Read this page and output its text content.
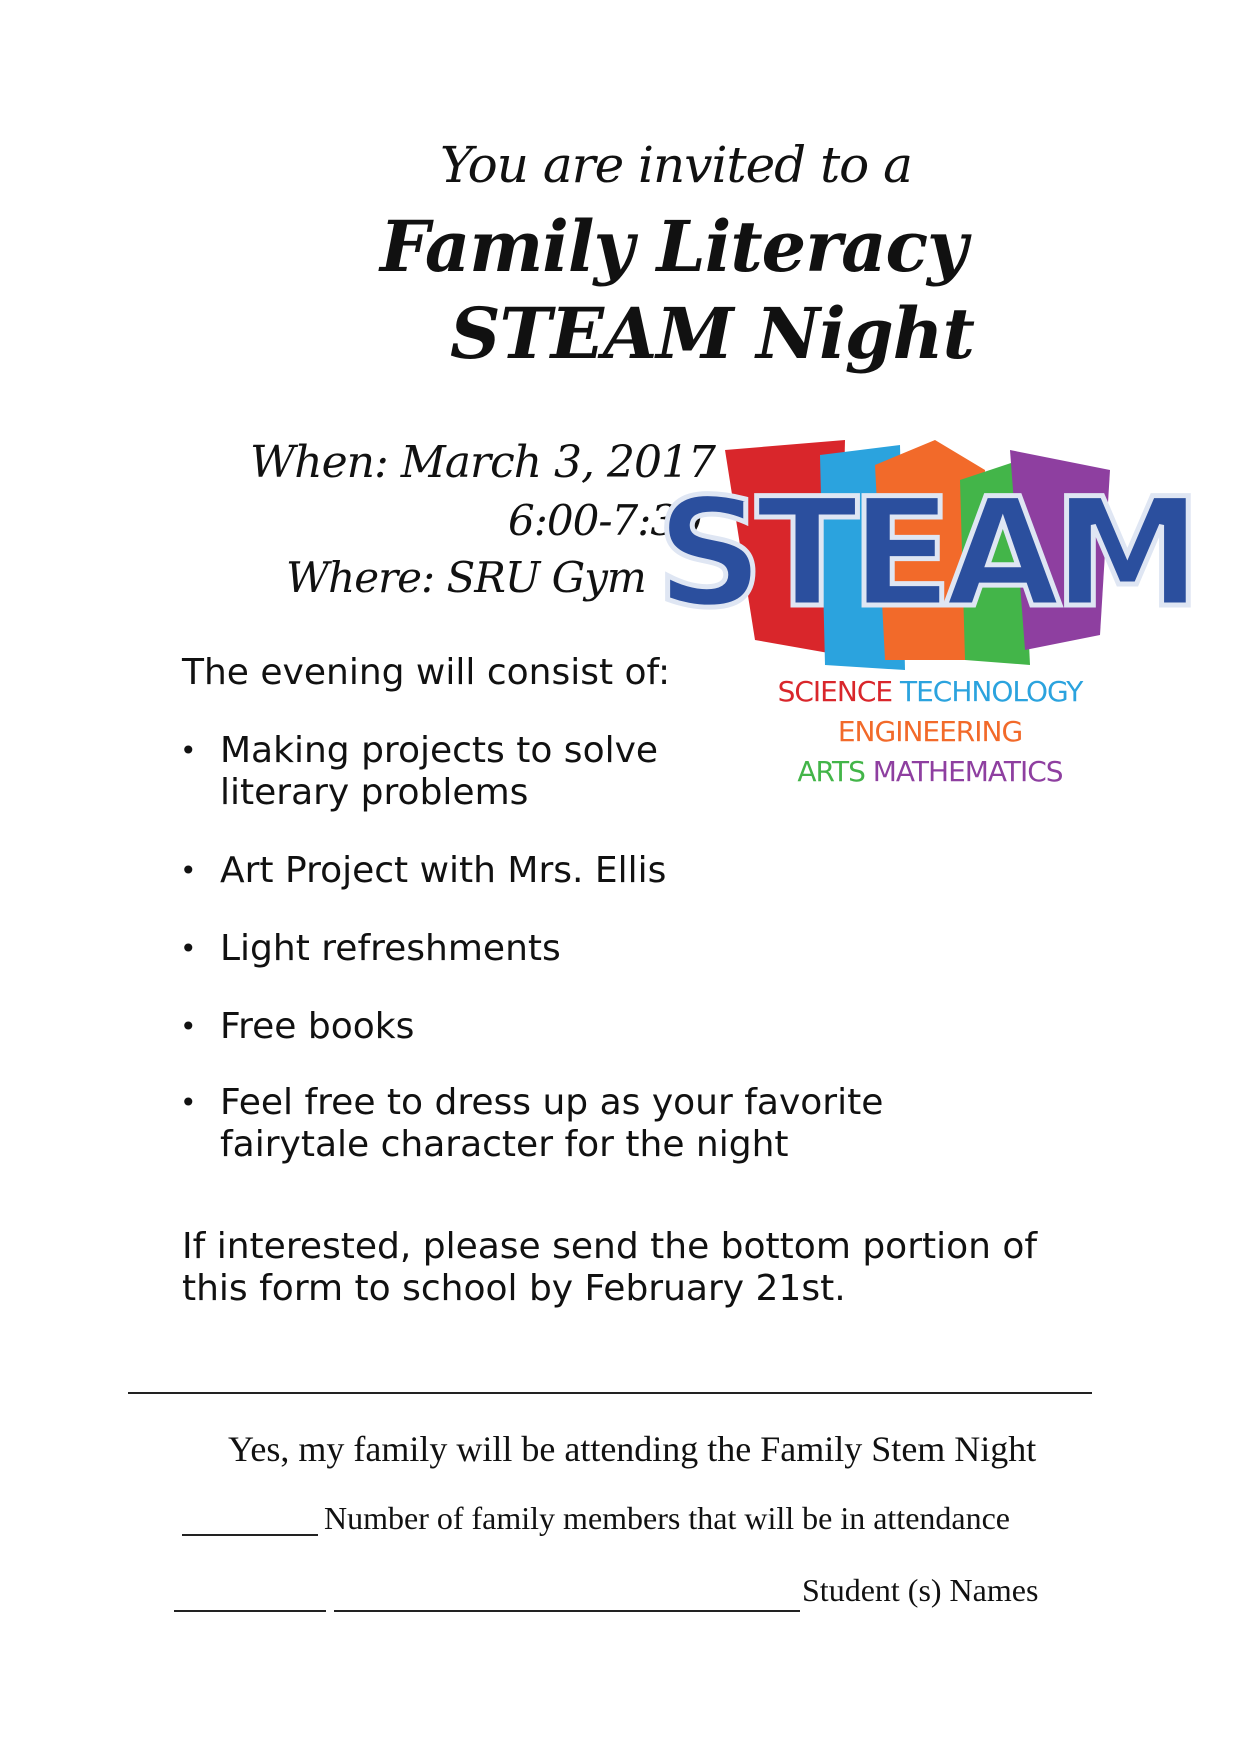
You are invited to a
Family Literacy
STEAM Night
When: March 3, 2017
6:00-7:30
Where: SRU Gym STEAM
SCIENCE TECHNOLOGY ENGINEERING
ARTS MATHEMATICS
The evening will consist of:
• Making projects to solve literary problems
• Art Project with Mrs. Ellis
• Light refreshments
• Free books
• Feel free to dress up as your favorite fairytale character for the night
If interested, please send the bottom portion of this form to school by February 21st.
Yes, my family will be attending the Family Stem Night
Number of family members that will be in attendance
Student (s) Names
